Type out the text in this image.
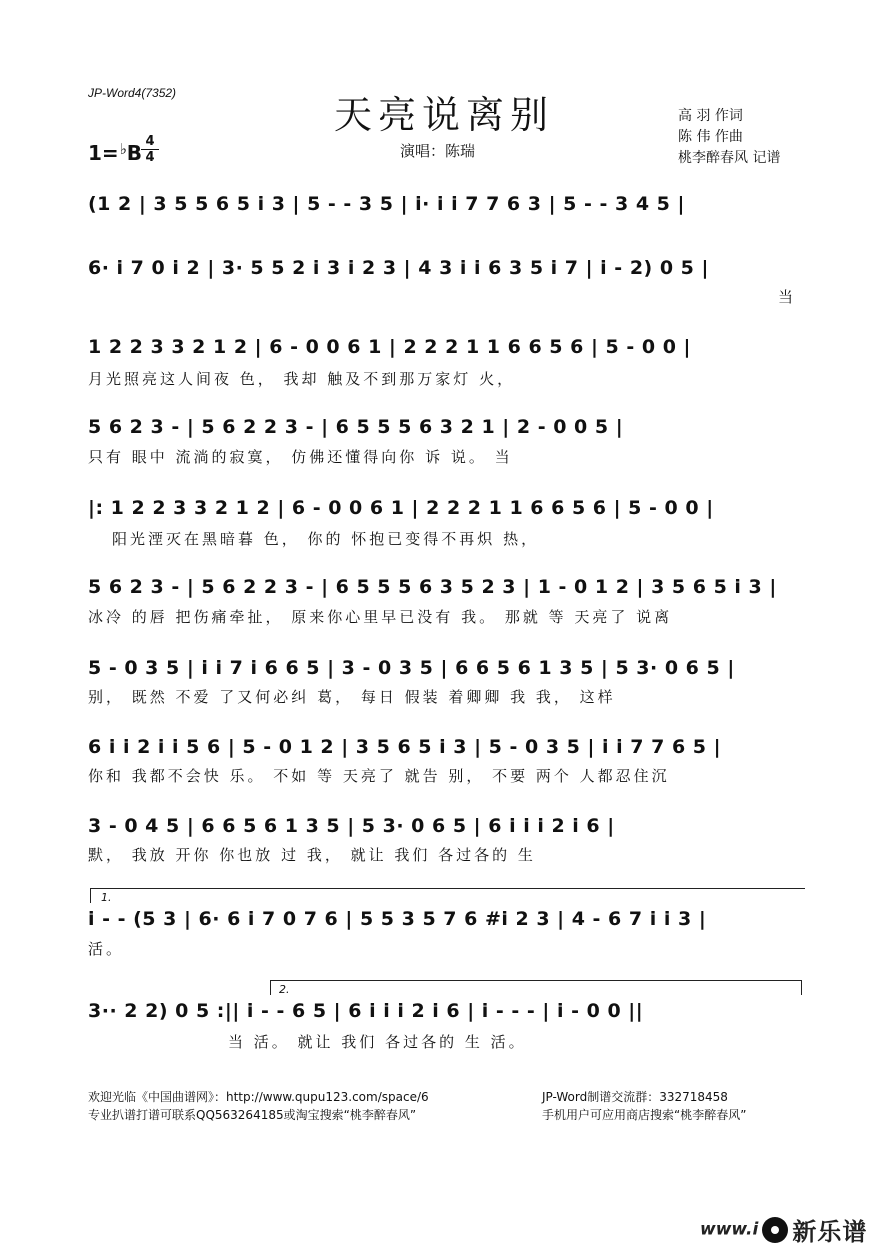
JP-Word4(7352)	天亮说离别
1=♭B 4
4	演唱：陈瑞
高 羽 作词
陈 伟 作曲
桃李醉春风 记谱
(1 2 | 3 5 5 6 5 i 3 | 5 - - 3 5 | i· i i 7 7 6 3 | 5 - - 3 4 5 |
6· i 7 0 i 2 | 3· 5 5 2 i 3 i 2 3 | 4 3 i i 6 3 5 i 7 | i - 2) 0 5 |
当
1 2 2 3 3 2 1 2 | 6 - 0 0 6 1 | 2 2 2 1 1 6 6 5 6 | 5 - 0 0 |
月光照亮这人间夜 色， 我却 触及不到那万家灯 火，
5 6 2 3 - | 5 6 2 2 3 - | 6 5 5 5 6 3 2 1 | 2 - 0 0 5 |
只有 眼中 流淌的寂寞， 仿佛还懂得向你 诉 说。 当
|: 1 2 2 3 3 2 1 2 | 6 - 0 0 6 1 | 2 2 2 1 1 6 6 5 6 | 5 - 0 0 |
阳光湮灭在黑暗暮 色， 你的 怀抱已变得不再炽 热，
5 6 2 3 - | 5 6 2 2 3 - | 6 5 5 5 6 3 5 2 3 | 1 - 0 1 2 | 3 5 6 5 i 3 |
冰冷 的唇 把伤痛牵扯， 原来你心里早已没有 我。 那就 等 天亮了 说离
5 - 0 3 5 | i i 7 i 6 6 5 | 3 - 0 3 5 | 6 6 5 6 1 3 5 | 5 3· 0 6 5 |
别， 既然 不爱 了又何必纠 葛， 每日 假装 着卿卿 我 我， 这样
6 i i 2 i i 5 6 | 5 - 0 1 2 | 3 5 6 5 i 3 | 5 - 0 3 5 | i i 7 7 6 5 |
你和 我都不会快 乐。 不如 等 天亮了 就告 别， 不要 两个 人都忍住沉
3 - 0 4 5 | 6 6 5 6 1 3 5 | 5 3· 0 6 5 | 6 i i i 2 i 6 |
默， 我放 开你 你也放 过 我， 就让 我们 各过各的 生
1.
i - - (5 3 | 6· 6 i 7 0 7 6 | 5 5 3 5 7 6 #i 2 3 | 4 - 6 7 i i 3 |
活。
2.
3·· 2 2) 0 5 :|| i - - 6 5 | 6 i i i 2 i 6 | i - - - | i - 0 0 ||
当 活。 就让 我们 各过各的 生 活。
欢迎光临《中国曲谱网》：http://www.qupu123.com/space/6
专业扒谱打谱可联系QQ563264185或淘宝搜索“桃李醉春风”
JP-Word制谱交流群：332718458
手机用户可应用商店搜索“桃李醉春风”
www.i 新乐谱
